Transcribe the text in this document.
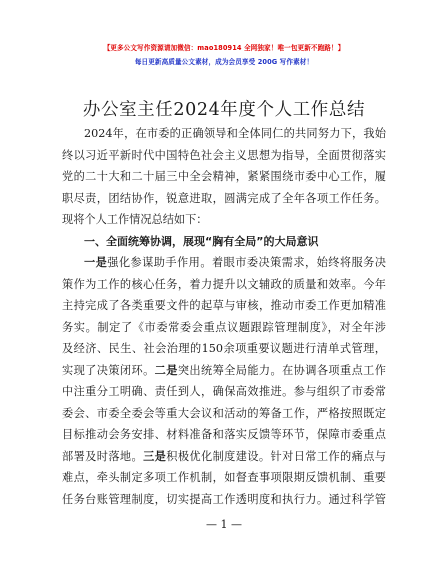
【更多公文写作资源请加微信：mao180914 全网独家！唯一包更新不跑路！】
每日更新高质量公文素材，成为会员享受 200G 写作素材！
办公室主任2024年度个人工作总结
2024年，在市委的正确领导和全体同仁的共同努力下，我始
终以习近平新时代中国特色社会主义思想为指导，全面贯彻落实
党的二十大和二十届三中全会精神，紧紧围绕市委中心工作，履
职尽责，团结协作，锐意进取，圆满完成了全年各项工作任务。
现将个人工作情况总结如下：
一、全面统筹协调，展现“胸有全局”的大局意识
一是强化参谋助手作用。着眼市委决策需求，始终将服务决
策作为工作的核心任务，着力提升以文辅政的质量和效率。今年
主持完成了各类重要文件的起草与审核，推动市委工作更加精准
务实。制定了《市委常委会重点议题跟踪管理制度》，对全年涉
及经济、民生、社会治理的150余项重要议题进行清单式管理，
实现了决策闭环。二是突出统筹全局能力。在协调各项重点工作
中注重分工明确、责任到人，确保高效推进。参与组织了市委常
委会、市委全委会等重大会议和活动的筹备工作，严格按照既定
目标推动会务安排、材料准备和落实反馈等环节，保障市委重点
部署及时落地。三是积极优化制度建设。针对日常工作的痛点与
难点，牵头制定多项工作机制，如督查事项限期反馈机制、重要
任务台账管理制度，切实提高工作透明度和执行力。通过科学管
— 1 —
